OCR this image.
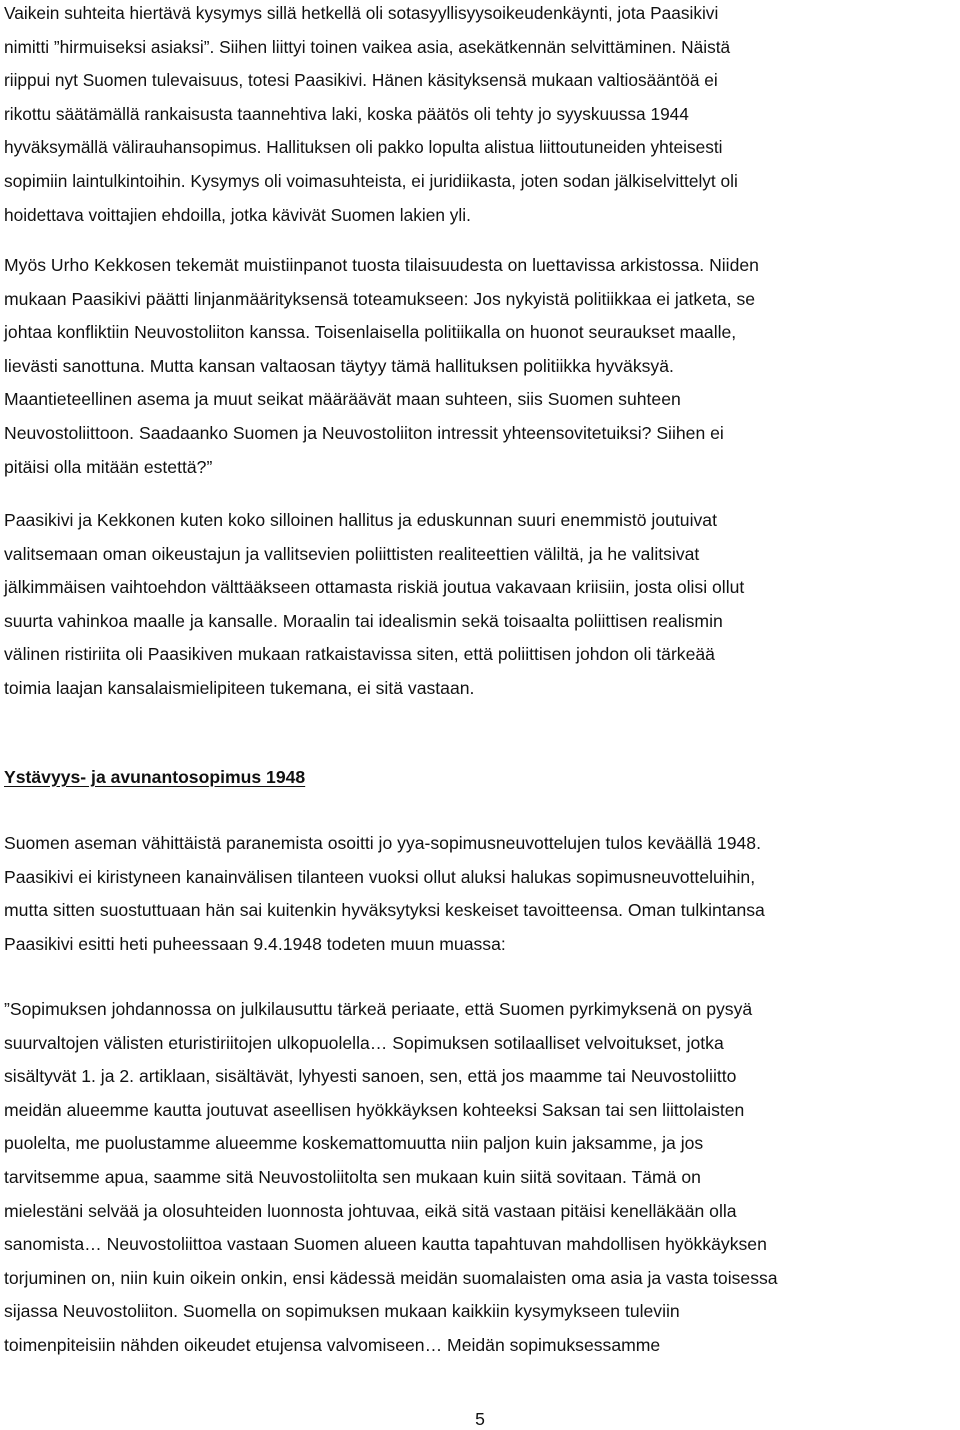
Vaikein suhteita hiertävä kysymys sillä hetkellä oli sotasyyllisyysoikeudenkäynti, jota Paasikivi
nimitti ”hirmuiseksi asiaksi”. Siihen liittyi toinen vaikea asia, asekätkennän selvittäminen. Näistä
riippui nyt Suomen tulevaisuus, totesi Paasikivi. Hänen käsityksensä mukaan valtiosääntöä ei
rikottu säätämällä rankaisusta taannehtiva laki, koska päätös oli tehty jo syyskuussa 1944
hyväksymällä välirauhansopimus. Hallituksen oli pakko lopulta alistua liittoutuneiden yhteisesti
sopimiin laintulkintoihin. Kysymys oli voimasuhteista, ei juridiikasta, joten sodan jälkiselvittelyt oli
hoidettava voittajien ehdoilla, jotka kävivät Suomen lakien yli.

Myös Urho Kekkosen tekemät muistiinpanot tuosta tilaisuudesta on luettavissa arkistossa. Niiden
mukaan Paasikivi päätti linjanmäärityksensä toteamukseen: Jos nykyistä politiikkaa ei jatketa, se
johtaa konfliktiin Neuvostoliiton kanssa. Toisenlaisella politiikalla on huonot seuraukset maalle,
lievästi sanottuna. Mutta kansan valtaosan täytyy tämä hallituksen politiikka hyväksyä.
Maantieteellinen asema ja muut seikat määräävät maan suhteen, siis Suomen suhteen
Neuvostoliittoon. Saadaanko Suomen ja Neuvostoliiton intressit yhteensovitetuiksi? Siihen ei
pitäisi olla mitään estettä?”

Paasikivi ja Kekkonen kuten koko silloinen hallitus ja eduskunnan suuri enemmistö joutuivat
valitsemaan oman oikeustajun ja vallitsevien poliittisten realiteettien väliltä, ja he valitsivat
jälkimmäisen vaihtoehdon välttääkseen ottamasta riskiä joutua vakavaan kriisiin, josta olisi ollut
suurta vahinkoa maalle ja kansalle. Moraalin tai idealismin sekä toisaalta poliittisen realismin
välinen ristiriita oli Paasikiven mukaan ratkaistavissa siten, että poliittisen johdon oli tärkeää
toimia laajan kansalaismielipiteen tukemana, ei sitä vastaan.

Ystävyys- ja avunantosopimus 1948

Suomen aseman vähittäistä paranemista osoitti jo yya-sopimusneuvottelujen tulos keväällä 1948.
Paasikivi ei kiristyneen kanainvälisen tilanteen vuoksi ollut aluksi halukas sopimusneuvotteluihin,
mutta sitten suostuttuaan hän sai kuitenkin hyväksytyksi keskeiset tavoitteensa. Oman tulkintansa
Paasikivi esitti heti puheessaan 9.4.1948 todeten muun muassa:

”Sopimuksen johdannossa on julkilausuttu tärkeä periaate, että Suomen pyrkimyksenä on pysyä
suurvaltojen välisten eturistiriitojen ulkopuolella… Sopimuksen sotilaalliset velvoitukset, jotka
sisältyvät 1. ja 2. artiklaan, sisältävät, lyhyesti sanoen, sen, että jos maamme tai Neuvostoliitto
meidän alueemme kautta joutuvat aseellisen hyökkäyksen kohteeksi Saksan tai sen liittolaisten
puolelta, me puolustamme alueemme koskemattomuutta niin paljon kuin jaksamme, ja jos
tarvitsemme apua, saamme sitä Neuvostoliitolta sen mukaan kuin siitä sovitaan. Tämä on
mielestäni selvää ja olosuhteiden luonnosta johtuvaa, eikä sitä vastaan pitäisi kenelläkään olla
sanomista… Neuvostoliittoa vastaan Suomen alueen kautta tapahtuvan mahdollisen hyökkäyksen
torjuminen on, niin kuin oikein onkin, ensi kädessä meidän suomalaisten oma asia ja vasta toisessa
sijassa Neuvostoliiton. Suomella on sopimuksen mukaan kaikkiin kysymykseen tuleviin
toimenpiteisiin nähden oikeudet etujensa valvomiseen… Meidän sopimuksessamme

5
